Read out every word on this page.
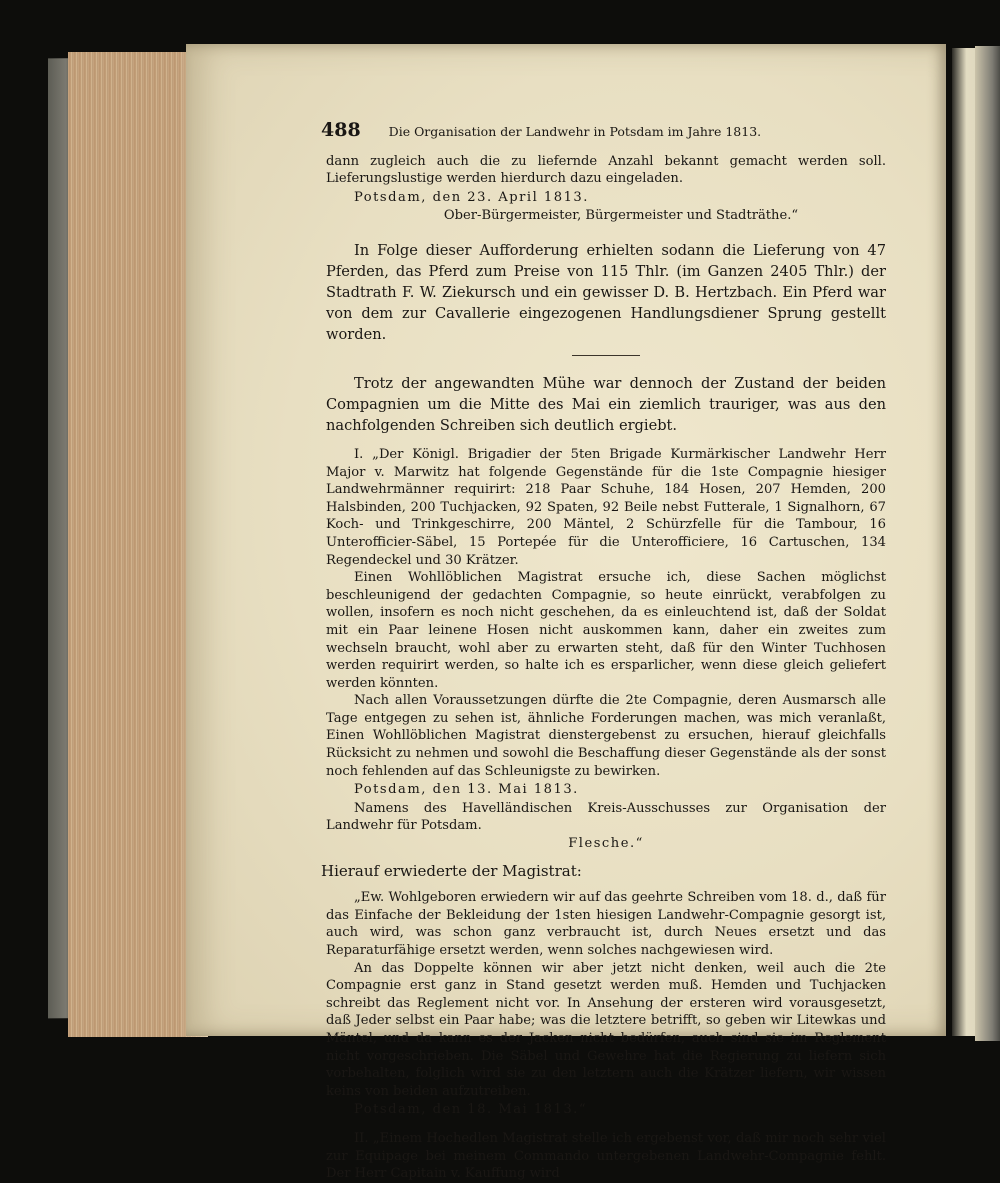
488 Die Organisation der Landwehr in Potsdam im Jahre 1813.

dann zugleich auch die zu liefernde Anzahl bekannt gemacht werden soll. Lieferungslustige werden hierdurch dazu eingeladen.

Potsdam, den 23. April 1813.

Ober-Bürgermeister, Bürgermeister und Stadträthe.“

In Folge dieser Aufforderung erhielten sodann die Lieferung von 47 Pferden, das Pferd zum Preise von 115 Thlr. (im Ganzen 2405 Thlr.) der Stadtrath F. W. Ziekursch und ein gewisser D. B. Hertzbach. Ein Pferd war von dem zur Cavallerie eingezogenen Handlungsdiener Sprung gestellt worden.

Trotz der angewandten Mühe war dennoch der Zustand der beiden Compagnien um die Mitte des Mai ein ziemlich trauriger, was aus den nachfolgenden Schreiben sich deutlich ergiebt.

I. „Der Königl. Brigadier der 5ten Brigade Kurmärkischer Landwehr Herr Major v. Marwitz hat folgende Gegenstände für die 1ste Compagnie hiesiger Landwehrmänner requirirt: 218 Paar Schuhe, 184 Hosen, 207 Hemden, 200 Halsbinden, 200 Tuchjacken, 92 Spaten, 92 Beile nebst Futterale, 1 Signalhorn, 67 Koch- und Trinkgeschirre, 200 Mäntel, 2 Schürzfelle für die Tambour, 16 Unterofficier-Säbel, 15 Portepée für die Unterofficiere, 16 Cartuschen, 134 Regendeckel und 30 Krätzer.

Einen Wohllöblichen Magistrat ersuche ich, diese Sachen möglichst beschleunigend der gedachten Compagnie, so heute einrückt, verabfolgen zu wollen, insofern es noch nicht geschehen, da es einleuchtend ist, daß der Soldat mit ein Paar leinene Hosen nicht auskommen kann, daher ein zweites zum wechseln braucht, wohl aber zu erwarten steht, daß für den Winter Tuchhosen werden requirirt werden, so halte ich es ersparlicher, wenn diese gleich geliefert werden könnten.

Nach allen Voraussetzungen dürfte die 2te Compagnie, deren Ausmarsch alle Tage entgegen zu sehen ist, ähnliche Forderungen machen, was mich veranlaßt, Einen Wohllöblichen Magistrat dienstergebenst zu ersuchen, hierauf gleichfalls Rücksicht zu nehmen und sowohl die Beschaffung dieser Gegenstände als der sonst noch fehlenden auf das Schleunigste zu bewirken.

Potsdam, den 13. Mai 1813.

Namens des Havelländischen Kreis-Ausschusses zur Organisation der Landwehr für Potsdam.

Flesche.“

Hierauf erwiederte der Magistrat:

„Ew. Wohlgeboren erwiedern wir auf das geehrte Schreiben vom 18. d., daß für das Einfache der Bekleidung der 1sten hiesigen Landwehr-Compagnie gesorgt ist, auch wird, was schon ganz verbraucht ist, durch Neues ersetzt und das Reparaturfähige ersetzt werden, wenn solches nachgewiesen wird.

An das Doppelte können wir aber jetzt nicht denken, weil auch die 2te Compagnie erst ganz in Stand gesetzt werden muß. Hemden und Tuchjacken schreibt das Reglement nicht vor. In Ansehung der ersteren wird vorausgesetzt, daß Jeder selbst ein Paar habe; was die letztere betrifft, so geben wir Litewkas und Mäntel, und da kann es der Jacken nicht bedürfen, auch sind sie im Reglement nicht vorgeschrieben. Die Säbel und Gewehre hat die Regierung zu liefern sich vorbehalten, folglich wird sie zu den letztern auch die Krätzer liefern, wir wissen keins von beiden aufzutreiben.

Potsdam, den 18. Mai 1813.“

II. „Einem Hochedlen Magistrat stelle ich ergebenst vor, daß mir noch sehr viel zur Equipage bei meinem Commando untergebenen Landwehr-Compagnie fehlt. Der Herr Capitain v. Kauffung wird
